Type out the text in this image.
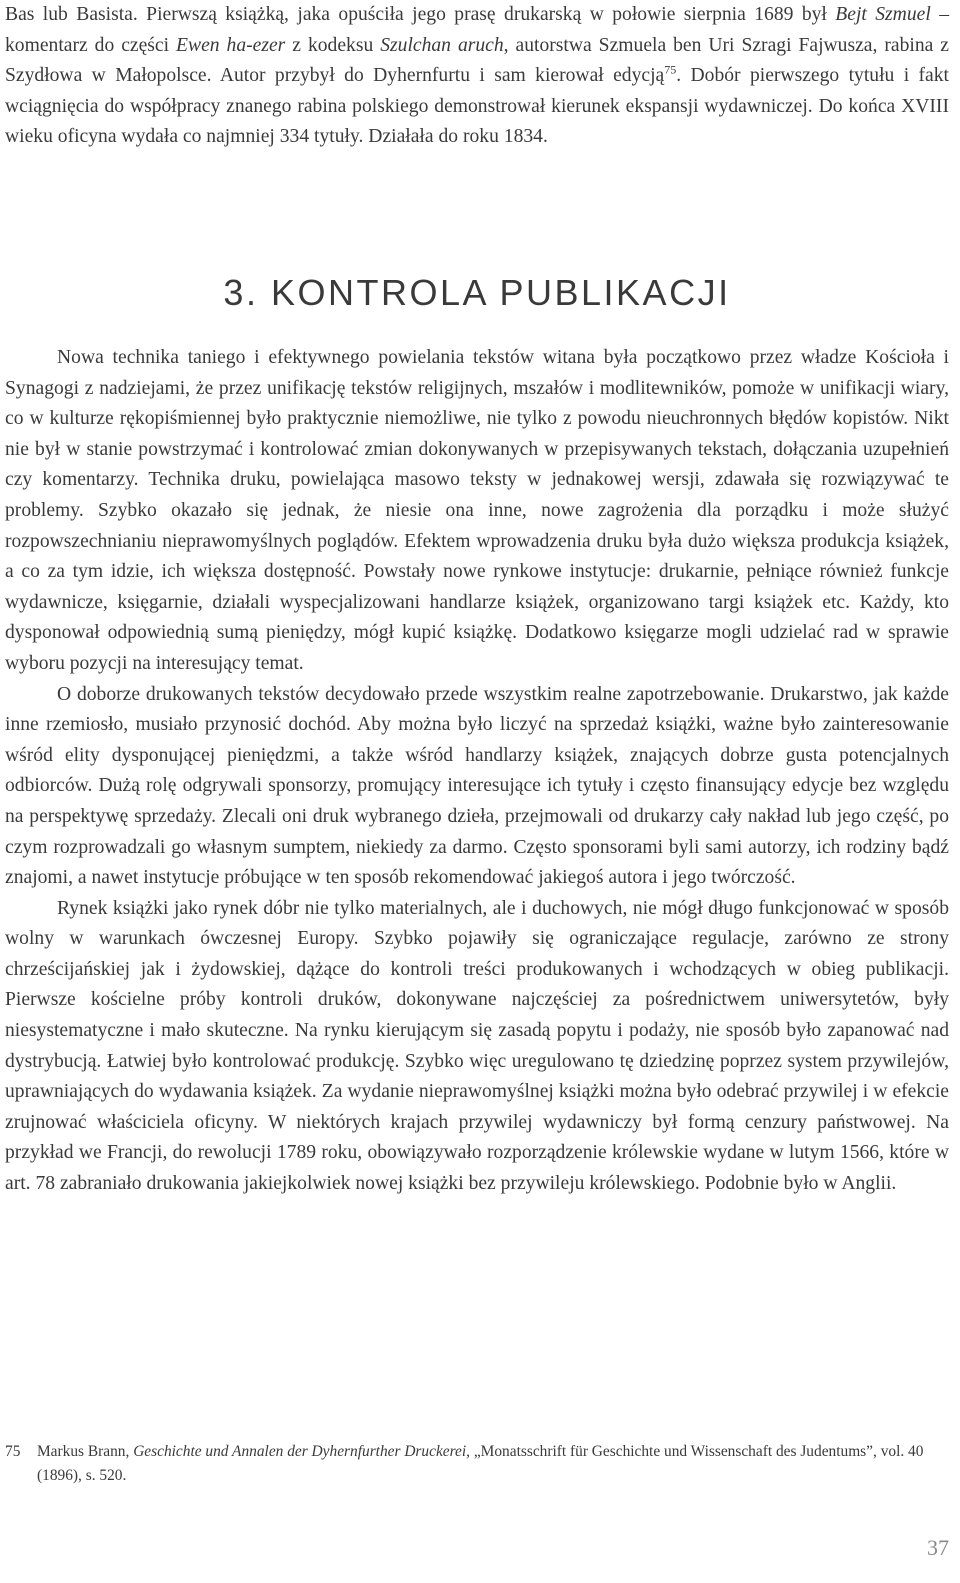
Bas lub Basista. Pierwszą książką, jaka opuściła jego prasę drukarską w połowie sierpnia 1689 był Bejt Szmuel – komentarz do części Ewen ha-ezer z kodeksu Szulchan aruch, autorstwa Szmuela ben Uri Szragi Fajwusza, rabina z Szydłowa w Małopolsce. Autor przybył do Dyhernfurtu i sam kierował edycją$^{75}$. Dobór pierwszego tytułu i fakt wciągnięcia do współpracy znanego rabina polskiego demonstrował kierunek ekspansji wydawniczej. Do końca XVIII wieku oficyna wydała co najmniej 334 tytuły. Działała do roku 1834.

3. KONTROLA PUBLIKACJI

Nowa technika taniego i efektywnego powielania tekstów witana była początkowo przez władze Kościoła i Synagogi z nadziejami, że przez unifikację tekstów religijnych, mszałów i modlitewników, pomoże w unifikacji wiary, co w kulturze rękopiśmiennej było praktycznie niemożliwe, nie tylko z powodu nieuchronnych błędów kopistów. Nikt nie był w stanie powstrzymać i kontrolować zmian dokonywanych w przepisywanych tekstach, dołączania uzupełnień czy komentarzy. Technika druku, powielająca masowo teksty w jednakowej wersji, zdawała się rozwiązywać te problemy. Szybko okazało się jednak, że niesie ona inne, nowe zagrożenia dla porządku i może służyć rozpowszechnianiu nieprawomyślnych poglądów. Efektem wprowadzenia druku była dużo większa produkcja książek, a co za tym idzie, ich większa dostępność. Powstały nowe rynkowe instytucje: drukarnie, pełniące również funkcje wydawnicze, księgarnie, działali wyspecjalizowani handlarze książek, organizowano targi książek etc. Każdy, kto dysponował odpowiednią sumą pieniędzy, mógł kupić książkę. Dodatkowo księgarze mogli udzielać rad w sprawie wyboru pozycji na interesujący temat.

O doborze drukowanych tekstów decydowało przede wszystkim realne zapotrzebowanie. Drukarstwo, jak każde inne rzemiosło, musiało przynosić dochód. Aby można było liczyć na sprzedaż książki, ważne było zainteresowanie wśród elity dysponującej pieniędzmi, a także wśród handlarzy książek, znających dobrze gusta potencjalnych odbiorców. Dużą rolę odgrywali sponsorzy, promujący interesujące ich tytuły i często finansujący edycje bez względu na perspektywę sprzedaży. Zlecali oni druk wybranego dzieła, przejmowali od drukarzy cały nakład lub jego część, po czym rozprowadzali go własnym sumptem, niekiedy za darmo. Często sponsorami byli sami autorzy, ich rodziny bądź znajomi, a nawet instytucje próbujące w ten sposób rekomendować jakiegoś autora i jego twórczość.

Rynek książki jako rynek dóbr nie tylko materialnych, ale i duchowych, nie mógł długo funkcjonować w sposób wolny w warunkach ówczesnej Europy. Szybko pojawiły się ograniczające regulacje, zarówno ze strony chrześcijańskiej jak i żydowskiej, dążące do kontroli treści produkowanych i wchodzących w obieg publikacji. Pierwsze kościelne próby kontroli druków, dokonywane najczęściej za pośrednictwem uniwersytetów, były niesystematyczne i mało skuteczne. Na rynku kierującym się zasadą popytu i podaży, nie sposób było zapanować nad dystrybucją. Łatwiej było kontrolować produkcję. Szybko więc uregulowano tę dziedzinę poprzez system przywilejów, uprawniających do wydawania książek. Za wydanie nieprawomyślnej książki można było odebrać przywilej i w efekcie zrujnować właściciela oficyny. W niektórych krajach przywilej wydawniczy był formą cenzury państwowej. Na przykład we Francji, do rewolucji 1789 roku, obowiązywało rozporządzenie królewskie wydane w lutym 1566, które w art. 78 zabraniało drukowania jakiejkolwiek nowej książki bez przywileju królewskiego. Podobnie było w Anglii.

75	Markus Brann, Geschichte und Annalen der Dyhernfurther Druckerei, „Monatsschrift für Geschichte und Wissenschaft des Judentums”, vol. 40 (1896), s. 520.

37
